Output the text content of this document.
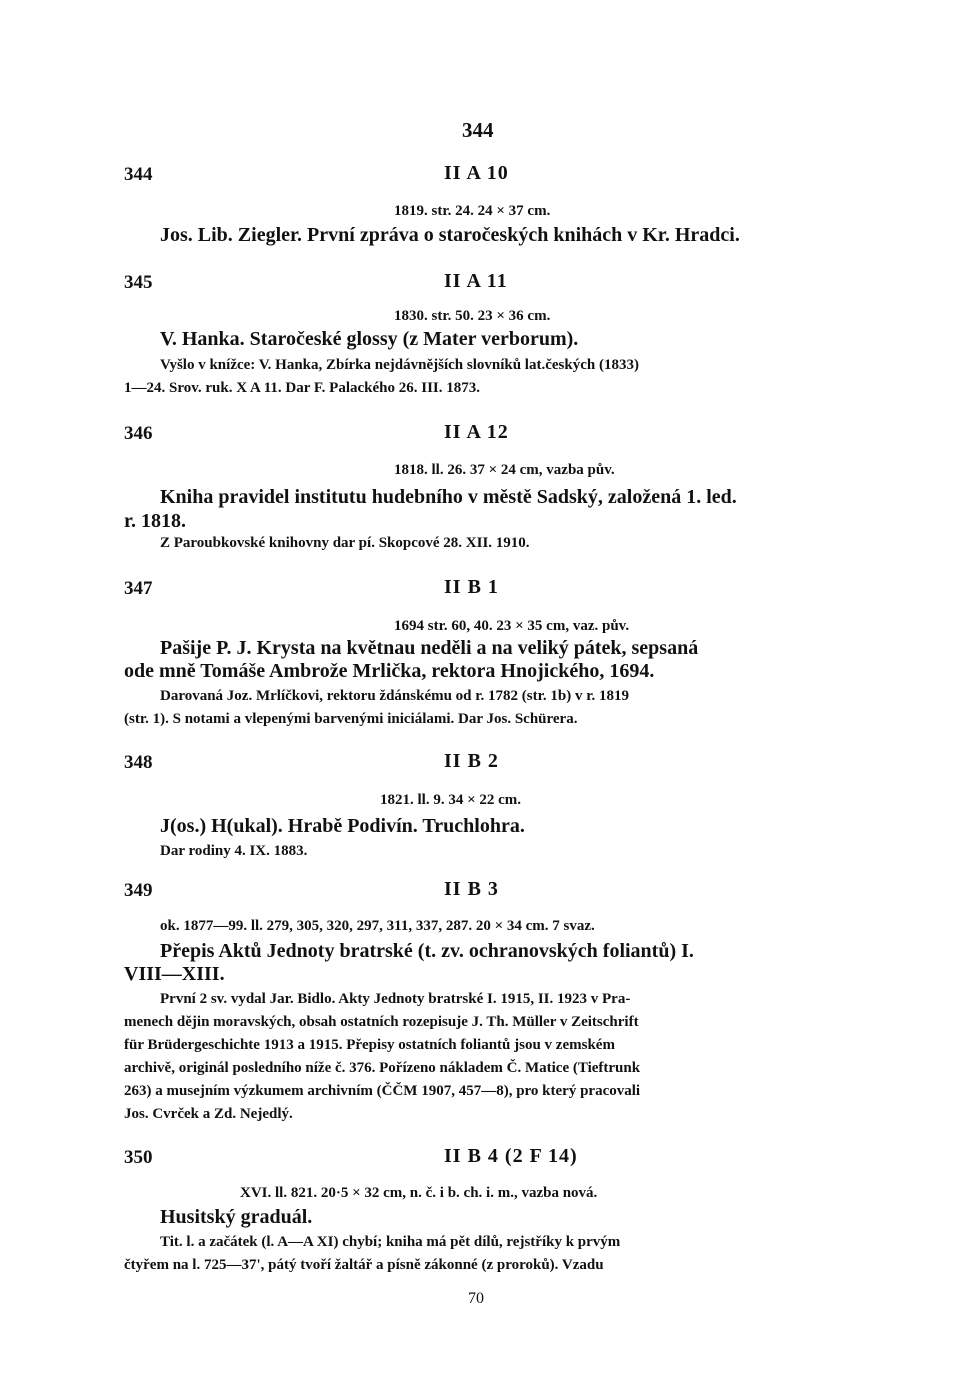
344
344	II A 10
1819. str. 24. 24 × 37 cm.
Jos. Lib. Ziegler. První zpráva o staročeských knihách v Kr. Hradci.
345	II A 11
1830. str. 50. 23 × 36 cm.
V. Hanka. Staročeské glossy (z Mater verborum).
Vyšlo v knížce: V. Hanka, Zbírka nejdávnějších slovníků lat.českých (1833)
1—24. Srov. ruk. X A 11. Dar F. Palackého 26. III. 1873.
346	II A 12
1818. ll. 26. 37 × 24 cm, vazba pův.
Kniha pravidel institutu hudebního v městě Sadský, založená 1. led.
r. 1818.
Z Paroubkovské knihovny dar pí. Skopcové 28. XII. 1910.
347	II B 1
1694 str. 60, 40. 23 × 35 cm, vaz. pův.
Pašije P. J. Krysta na květnau neděli a na veliký pátek, sepsaná
ode mně Tomáše Ambrože Mrlička, rektora Hnojického, 1694.
Darovaná Joz. Mrlíčkovi, rektoru ždánskému od r. 1782 (str. 1b) v r. 1819
(str. 1). S notami a vlepenými barvenými iniciálami. Dar Jos. Schürera.
348	II B 2
1821. ll. 9. 34 × 22 cm.
J(os.) H(ukal). Hrabě Podivín. Truchlohra.
Dar rodiny 4. IX. 1883.
349	II B 3
ok. 1877—99. ll. 279, 305, 320, 297, 311, 337, 287. 20 × 34 cm. 7 svaz.
Přepis Aktů Jednoty bratrské (t. zv. ochranovských foliantů) I.
VIII—XIII.
První 2 sv. vydal Jar. Bidlo. Akty Jednoty bratrské I. 1915, II. 1923 v Pra-
menech dějin moravských, obsah ostatních rozepisuje J. Th. Müller v Zeitschrift
für Brüdergeschichte 1913 a 1915. Přepisy ostatních foliantů jsou v zemském
archivě, originál posledního níže č. 376. Pořízeno nákladem Č. Matice (Tieftrunk
263) a musejním výzkumem archivním (ČČM 1907, 457—8), pro který pracovali
Jos. Cvrček a Zd. Nejedlý.
350	II B 4 (2 F 14)
XVI. ll. 821. 20·5 × 32 cm, n. č. i b. ch. i. m., vazba nová.
Husitský graduál.
Tit. l. a začátek (l. A—A XI) chybí; kniha má pět dílů, rejstříky k prvým
čtyřem na l. 725—37', pátý tvoří žaltář a písně zákonné (z proroků). Vzadu
70
